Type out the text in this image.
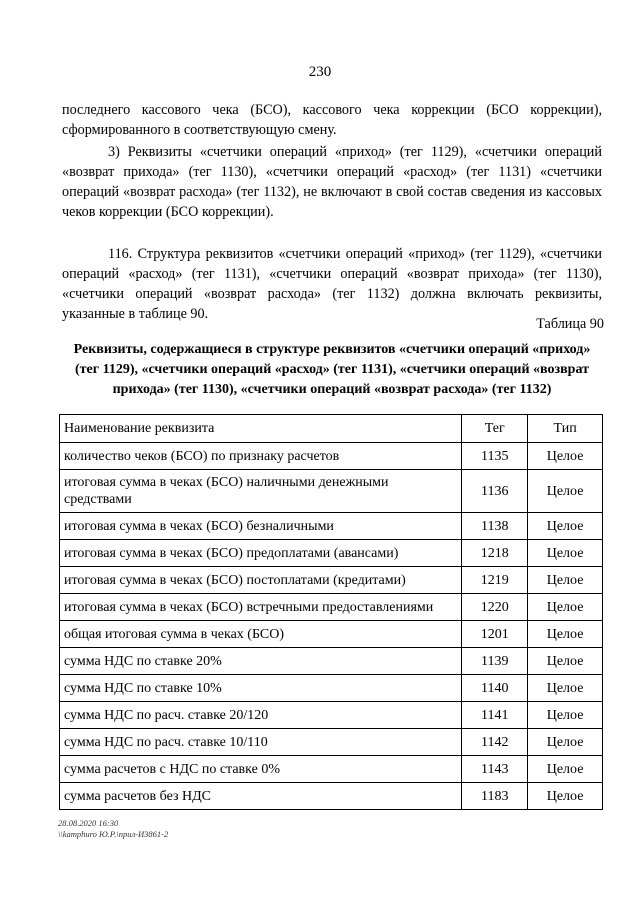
230

последнего кассового чека (БСО), кассового чека коррекции (БСО коррекции), сформированного в соответствующую смену.

3) Реквизиты «счетчики операций «приход» (тег 1129), «счетчики операций «возврат прихода» (тег 1130), «счетчики операций «расход» (тег 1131) «счетчики операций «возврат расхода» (тег 1132), не включают в свой состав сведения из кассовых чеков коррекции (БСО коррекции).

116. Структура реквизитов «счетчики операций «приход» (тег 1129), «счетчики операций «расход» (тег 1131), «счетчики операций «возврат прихода» (тег 1130), «счетчики операций «возврат расхода» (тег 1132) должна включать реквизиты, указанные в таблице 90.

Таблица 90

Реквизиты, содержащиеся в структуре реквизитов «счетчики операций «приход» (тег 1129), «счетчики операций «расход» (тег 1131), «счетчики операций «возврат прихода» (тег 1130), «счетчики операций «возврат расхода» (тег 1132)

Наименование реквизита	Тег	Тип
количество чеков (БСО) по признаку расчетов	1135	Целое
итоговая сумма в чеках (БСО) наличными денежными средствами	1136	Целое
итоговая сумма в чеках (БСО) безналичными	1138	Целое
итоговая сумма в чеках (БСО) предоплатами (авансами)	1218	Целое
итоговая сумма в чеках (БСО) постоплатами (кредитами)	1219	Целое
итоговая сумма в чеках (БСО) встречными предоставлениями	1220	Целое
общая итоговая сумма в чеках (БСО)	1201	Целое
сумма НДС по ставке 20%	1139	Целое
сумма НДС по ставке 10%	1140	Целое
сумма НДС по расч. ставке 20/120	1141	Целое
сумма НДС по расч. ставке 10/110	1142	Целое
сумма расчетов с НДС по ставке 0%	1143	Целое
сумма расчетов без НДС	1183	Целое
28.08.2020 16:30
\\kamphuro Ю.Р.\прил-И3861-2
